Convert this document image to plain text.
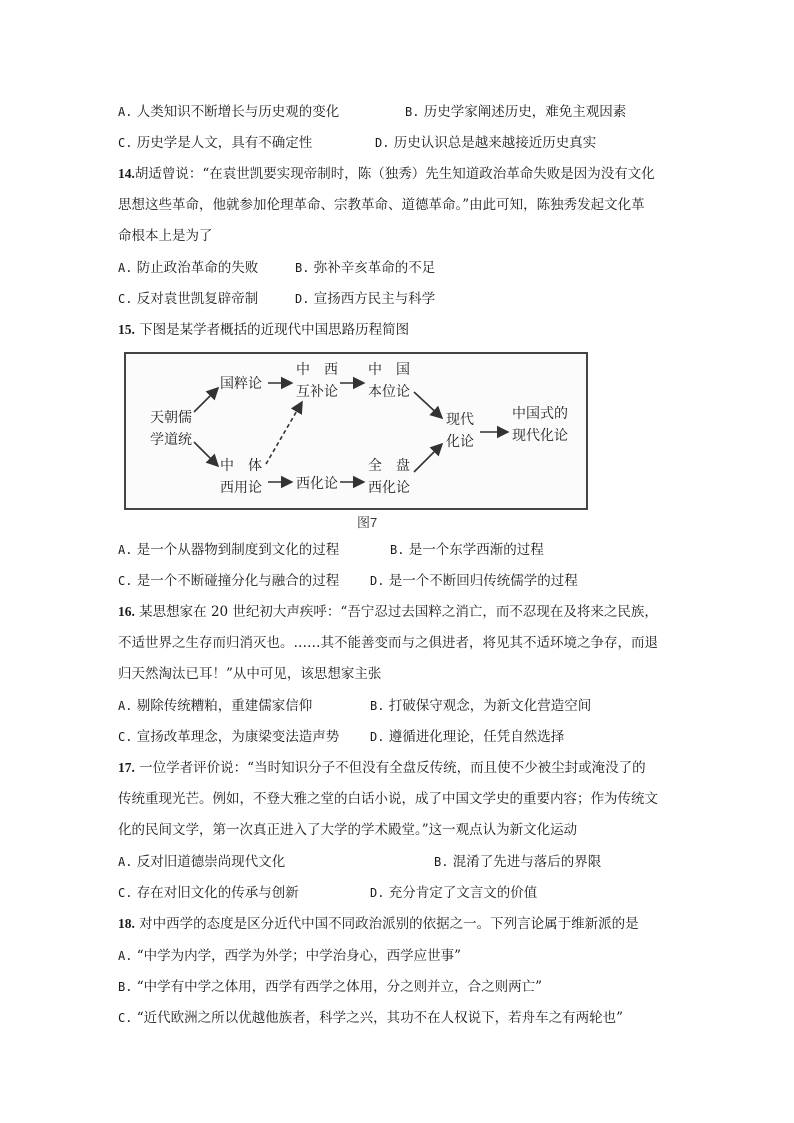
A. 人类知识不断增长与历史观的变化	B. 历史学家阐述历史，难免主观因素
C. 历史学是人文，具有不确定性	D. 历史认识总是越来越接近历史真实
14.胡适曾说：“在袁世凯要实现帝制时，陈（独秀）先生知道政治革命失败是因为没有文化
思想这些革命，他就参加伦理革命、宗教革命、道德革命。”由此可知，陈独秀发起文化革
命根本上是为了
A. 防止政治革命的失败	B. 弥补辛亥革命的不足
C. 反对袁世凯复辟帝制	D. 宣扬西方民主与科学
15. 下图是某学者概括的近现代中国思路历程简图
天朝儒
学道统
国粹论
中　西
互补论
中　国
本位论
现代
化论
中国式的
现代化论
中　体
西用论 西化论
全　盘
西化论
图7
A. 是一个从器物到制度到文化的过程	B. 是一个东学西渐的过程
C. 是一个不断碰撞分化与融合的过程	D. 是一个不断回归传统儒学的过程
16. 某思想家在 20 世纪初大声疾呼：“吾宁忍过去国粹之消亡，而不忍现在及将来之民族，
不适世界之生存而归消灭也。……其不能善变而与之俱进者，将见其不适环境之争存，而退
归天然淘汰已耳！”从中可见，该思想家主张
A. 剔除传统糟粕，重建儒家信仰	B. 打破保守观念，为新文化营造空间
C. 宣扬改革理念，为康梁变法造声势	D. 遵循进化理论，任凭自然选择
17. 一位学者评价说：“当时知识分子不但没有全盘反传统，而且使不少被尘封或淹没了的
传统重现光芒。例如，不登大雅之堂的白话小说，成了中国文学史的重要内容；作为传统文
化的民间文学，第一次真正进入了大学的学术殿堂。”这一观点认为新文化运动
A. 反对旧道德崇尚现代文化	B. 混淆了先进与落后的界限
C. 存在对旧文化的传承与创新	D. 充分肯定了文言文的价值
18. 对中西学的态度是区分近代中国不同政治派别的依据之一。下列言论属于维新派的是
A. “中学为内学，西学为外学；中学治身心，西学应世事”
B. “中学有中学之体用，西学有西学之体用，分之则并立，合之则两亡”
C. “近代欧洲之所以优越他族者，科学之兴，其功不在人权说下，若舟车之有两轮也”
